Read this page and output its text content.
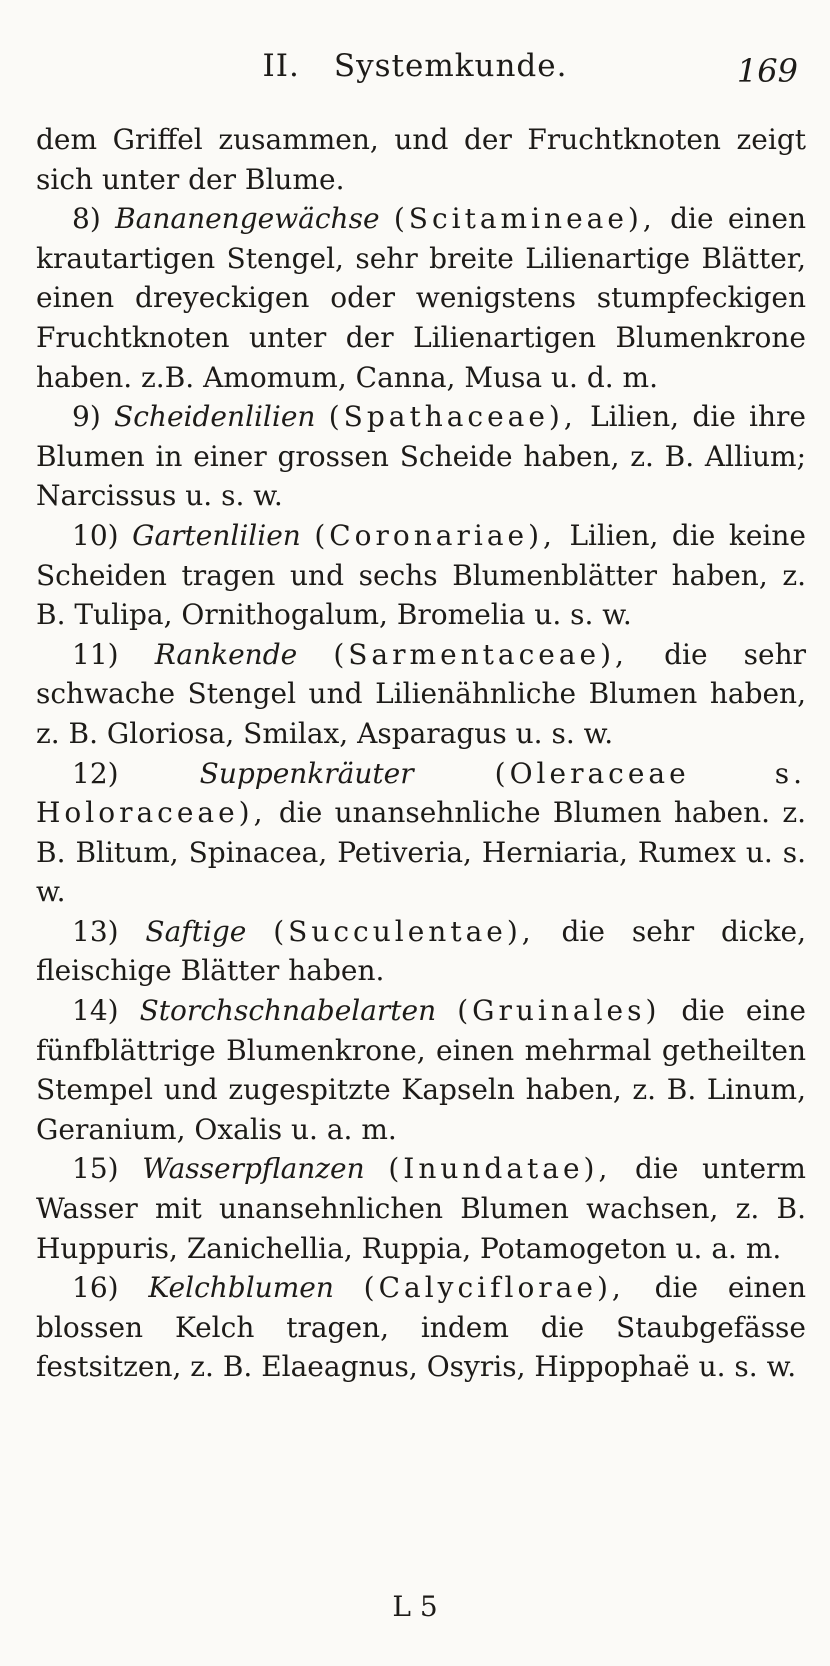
II. Systemkunde.	169

dem Griffel zusammen, und der Fruchtknoten zeigt sich unter der Blume.

8) Bananengewächse (Scitamineae), die einen krautartigen Stengel, sehr breite Lilienartige Blätter, einen dreyeckigen oder wenigstens stumpfeckigen Fruchtknoten unter der Lilienartigen Blumenkrone haben. z.B. Amomum, Canna, Musa u. d. m.

9) Scheidenlilien (Spathaceae), Lilien, die ihre Blumen in einer grossen Scheide haben, z. B. Allium; Narcissus u. s. w.

10) Gartenlilien (Coronariae), Lilien, die keine Scheiden tragen und sechs Blumenblätter haben, z. B. Tulipa, Ornithogalum, Bromelia u. s. w.

11) Rankende (Sarmentaceae), die sehr schwache Stengel und Lilienähnliche Blumen haben, z. B. Gloriosa, Smilax, Asparagus u. s. w.

12)	Suppenkräuter	(Oleraceae s. Holoraceae), die unansehnliche Blumen haben. z. B. Blitum, Spinacea, Petiveria, Herniaria, Rumex u. s. w.

13) Saftige (Succulentae), die sehr dicke, fleischige Blätter haben.

14) Storchschnabelarten (Gruinales) die eine fünfblättrige Blumenkrone, einen mehrmal getheilten Stempel und zugespitzte Kapseln haben, z. B. Linum, Geranium, Oxalis u. a. m.

15) Wasserpflanzen (Inundatae), die unterm Wasser mit unansehnlichen Blumen wachsen, z. B. Huppuris, Zanichellia, Ruppia, Potamogeton u. a. m.

16) Kelchblumen (Calyciflorae), die einen blossen Kelch tragen, indem die Staubgefässe festsitzen, z. B. Elaeagnus, Osyris, Hippophaë u. s. w.

L 5
